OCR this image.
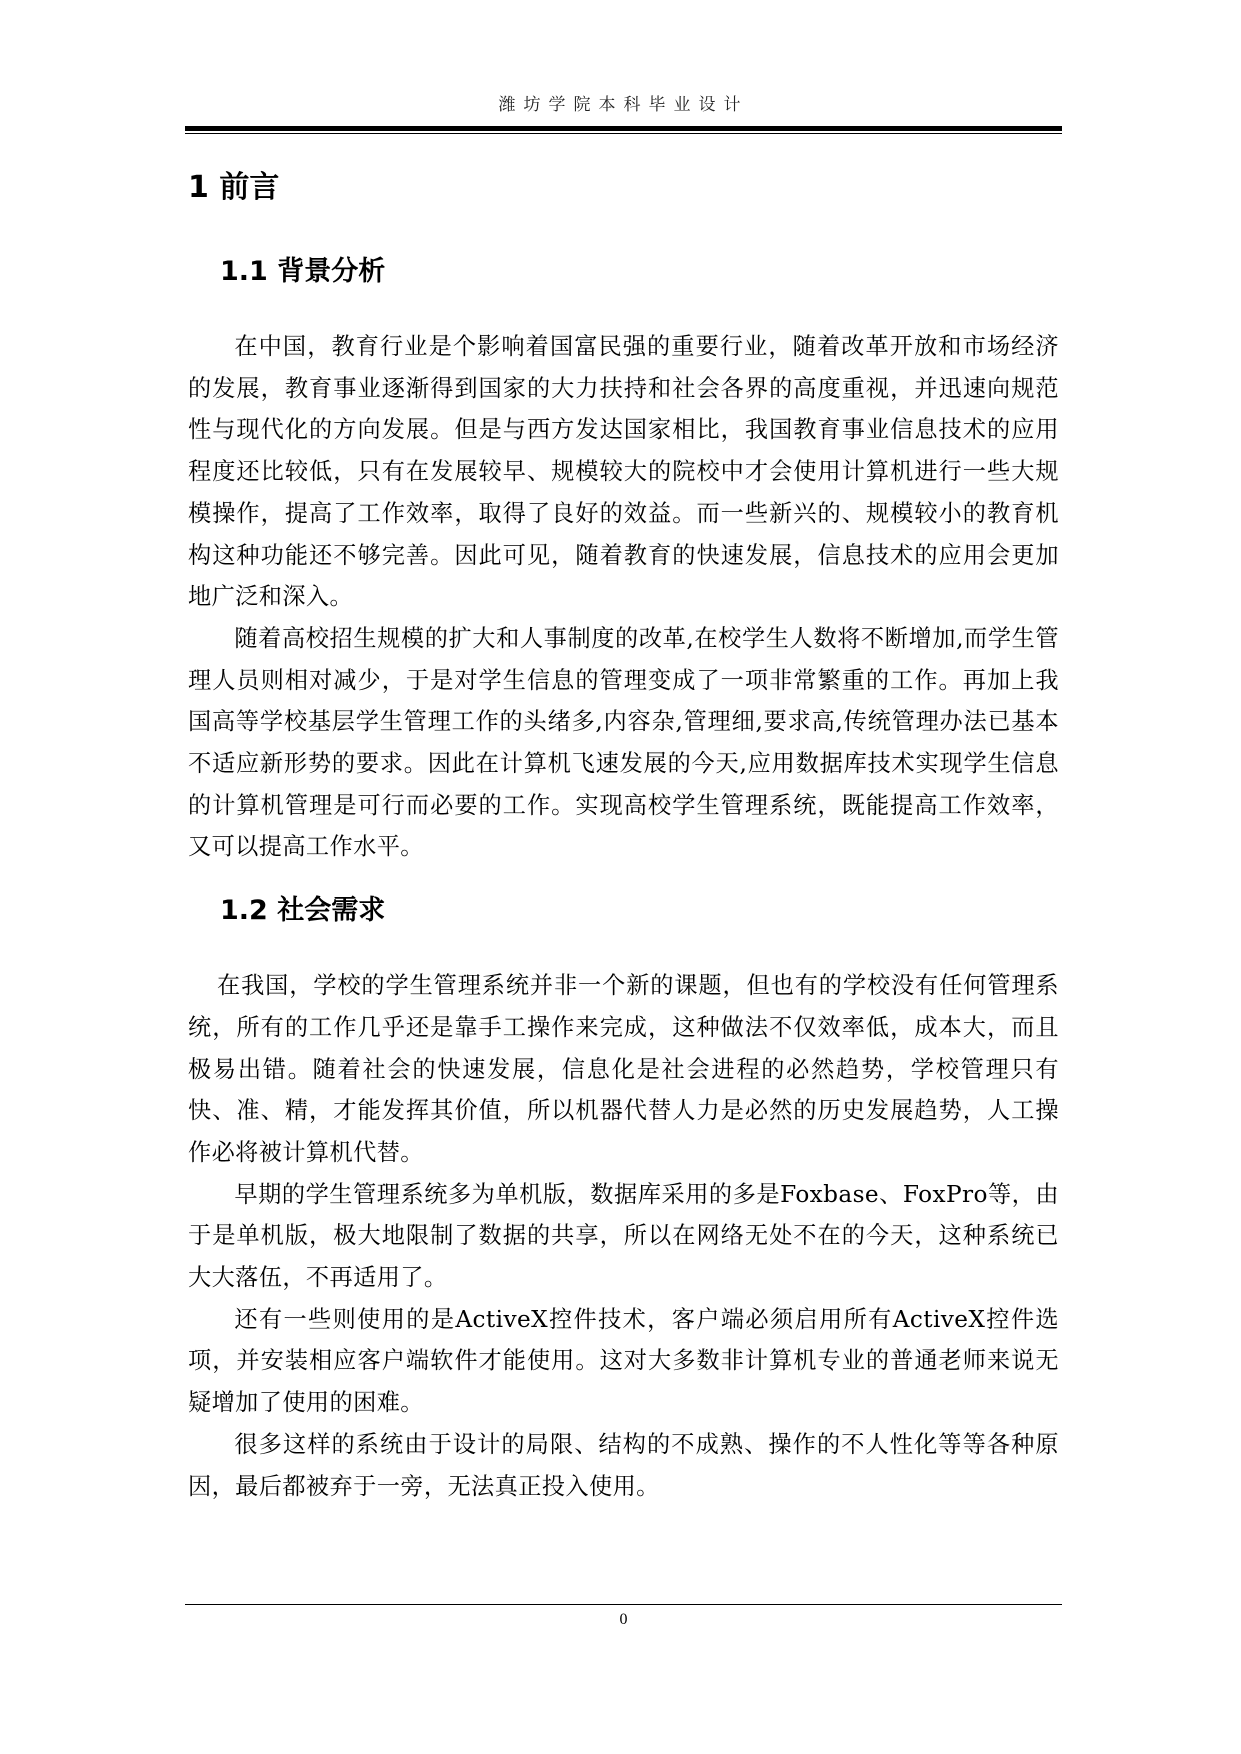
潍坊学院本科毕业设计
1 前言
1.1 背景分析

在中国，教育行业是个影响着国富民强的重要行业，随着改革开放和市场经济的发展，教育事业逐渐得到国家的大力扶持和社会各界的高度重视，并迅速向规范性与现代化的方向发展。但是与西方发达国家相比，我国教育事业信息技术的应用程度还比较低，只有在发展较早、规模较大的院校中才会使用计算机进行一些大规模操作，提高了工作效率，取得了良好的效益。而一些新兴的、规模较小的教育机构这种功能还不够完善。因此可见，随着教育的快速发展，信息技术的应用会更加地广泛和深入。

随着高校招生规模的扩大和人事制度的改革,在校学生人数将不断增加,而学生管理人员则相对减少，于是对学生信息的管理变成了一项非常繁重的工作。再加上我国高等学校基层学生管理工作的头绪多,内容杂,管理细,要求高,传统管理办法已基本不适应新形势的要求。因此在计算机飞速发展的今天,应用数据库技术实现学生信息的计算机管理是可行而必要的工作。实现高校学生管理系统，既能提高工作效率，又可以提高工作水平。

1.2 社会需求

在我国，学校的学生管理系统并非一个新的课题，但也有的学校没有任何管理系统，所有的工作几乎还是靠手工操作来完成，这种做法不仅效率低，成本大，而且极易出错。随着社会的快速发展，信息化是社会进程的必然趋势，学校管理只有快、准、精，才能发挥其价值，所以机器代替人力是必然的历史发展趋势，人工操作必将被计算机代替。

早期的学生管理系统多为单机版，数据库采用的多是Foxbase、FoxPro等，由于是单机版，极大地限制了数据的共享，所以在网络无处不在的今天，这种系统已大大落伍，不再适用了。

还有一些则使用的是ActiveX控件技术，客户端必须启用所有ActiveX控件选项，并安装相应客户端软件才能使用。这对大多数非计算机专业的普通老师来说无疑增加了使用的困难。

很多这样的系统由于设计的局限、结构的不成熟、操作的不人性化等等各种原因，最后都被弃于一旁，无法真正投入使用。

0
